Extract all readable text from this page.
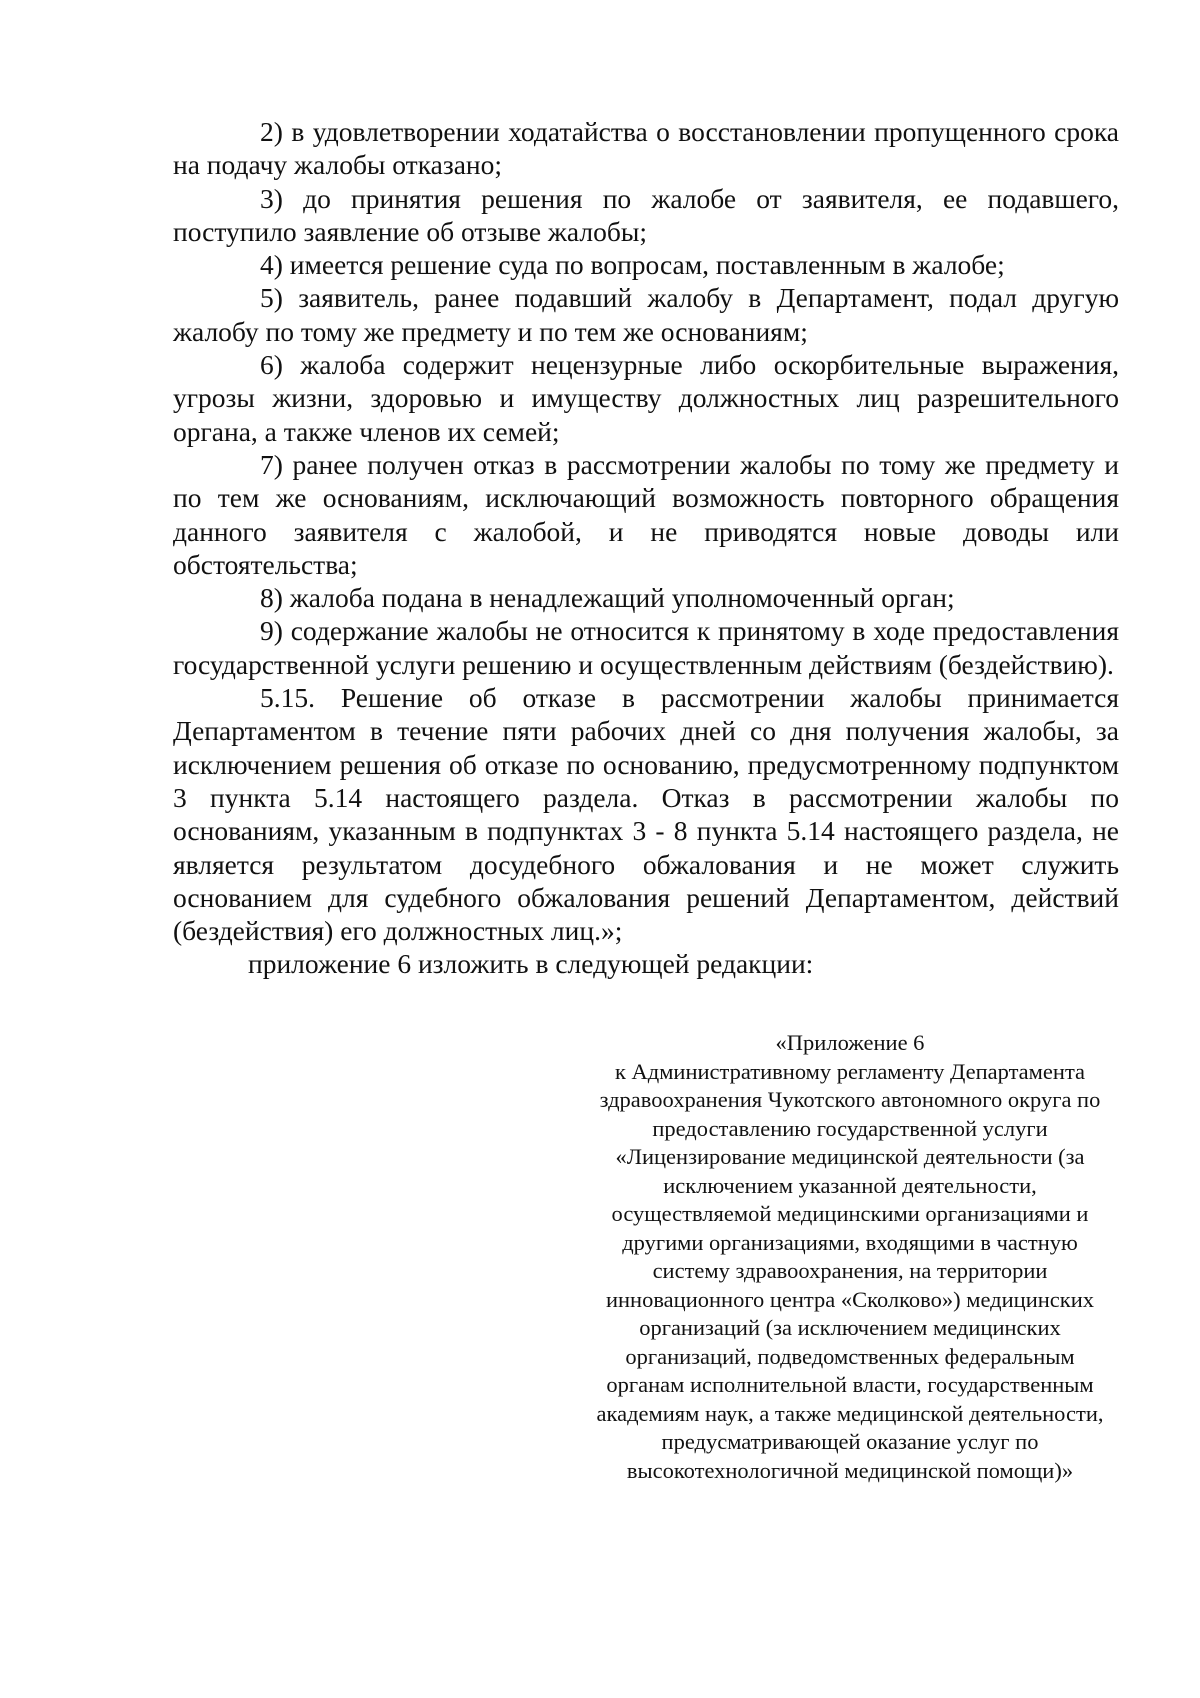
2) в удовлетворении ходатайства о восстановлении пропущенного срока на подачу жалобы отказано;

3) до принятия решения по жалобе от заявителя, ее подавшего, поступило заявление об отзыве жалобы;

4) имеется решение суда по вопросам, поставленным в жалобе;

5) заявитель, ранее подавший жалобу в Департамент, подал другую жалобу по тому же предмету и по тем же основаниям;

6) жалоба содержит нецензурные либо оскорбительные выражения, угрозы жизни, здоровью и имуществу должностных лиц разрешительного органа, а также членов их семей;

7) ранее получен отказ в рассмотрении жалобы по тому же предмету и по тем же основаниям, исключающий возможность повторного обращения данного заявителя с жалобой, и не приводятся новые доводы или обстоятельства;

8) жалоба подана в ненадлежащий уполномоченный орган;

9) содержание жалобы не относится к принятому в ходе предоставления государственной услуги решению и осуществленным действиям (бездействию).

5.15. Решение об отказе в рассмотрении жалобы принимается Департаментом в течение пяти рабочих дней со дня получения жалобы, за исключением решения об отказе по основанию, предусмотренному подпунктом 3 пункта 5.14 настоящего раздела. Отказ в рассмотрении жалобы по основаниям, указанным в подпунктах 3 - 8 пункта 5.14 настоящего раздела, не является результатом досудебного обжалования и не может служить основанием для судебного обжалования решений Департаментом, действий (бездействия) его должностных лиц.»;

приложение 6 изложить в следующей редакции:

«Приложение 6
к Административному регламенту Департамента
здравоохранения Чукотского автономного округа по
предоставлению государственной услуги
«Лицензирование медицинской деятельности (за
исключением указанной деятельности,
осуществляемой медицинскими организациями и
другими организациями, входящими в частную
систему здравоохранения, на территории
инновационного центра «Сколково») медицинских
организаций (за исключением медицинских
организаций, подведомственных федеральным
органам исполнительной власти, государственным
академиям наук, а также медицинской деятельности,
предусматривающей оказание услуг по
высокотехнологичной медицинской помощи)»
